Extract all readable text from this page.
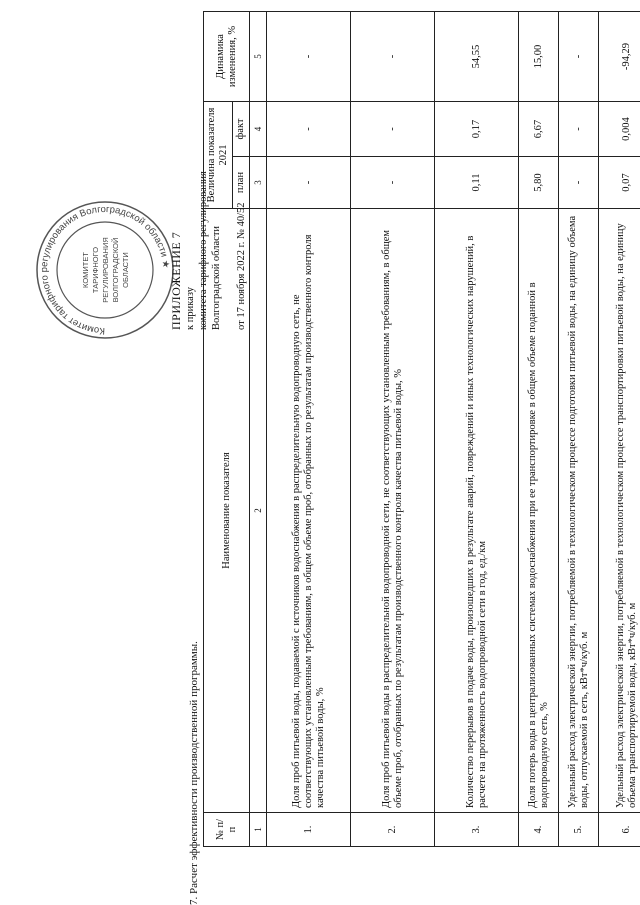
Комитет тарифного регулирования Волгоградской области ★
КОМИТЕТ ТАРИФНОГО РЕГУЛИРОВАНИЯ ВОЛГОГРАДСКОЙ ОБЛАСТИ	ПРИЛОЖЕНИЕ 7 к приказу комитета тарифного регулирования Волгоградской области от 17 ноября 2022 г. № 40/52
7. Расчет эффективности производственной программы. № п/п	Наименование показателя	Величина показателя 2021		Динамика изменения, %
		план	факт	
1	2	3	4	5
1.	Доля проб питьевой воды, подаваемой с источников водоснабжения в распределительную водопроводную сеть, не соответствующих установленным требованиям, в общем объеме проб, отобранных по результатам производственного контроля качества питьевой воды, %	-	-	-
2.	Доля проб питьевой воды в распределительной водопроводной сети, не соответствующих установленным требованиям, в общем объеме проб, отобранных по результатам производственного контроля качества питьевой воды, %	-	-	-
3.	Количество перерывов в подаче воды, произошедших в результате аварий, повреждений и иных технологических нарушений, в расчете на протяженность водопроводной сети в год, ед./км	0,11	0,17	54,55
4.	Доля потерь воды в централизованных системах водоснабжения при ее транспортировке в общем объеме поданной в водопроводную сеть, %	5,80	6,67	15,00
5.	Удельный расход электрической энергии, потребляемой в технологическом процессе подготовки питьевой воды, на единицу объема воды, отпускаемой в сеть, кВт*ч/куб. м	-	-	-
6.	Удельный расход электрической энергии, потребляемой в технологическом процессе транспортировки питьевой воды, на единицу объема транспортируемой воды, кВт*ч/куб. м	0,07	0,004	-94,29
